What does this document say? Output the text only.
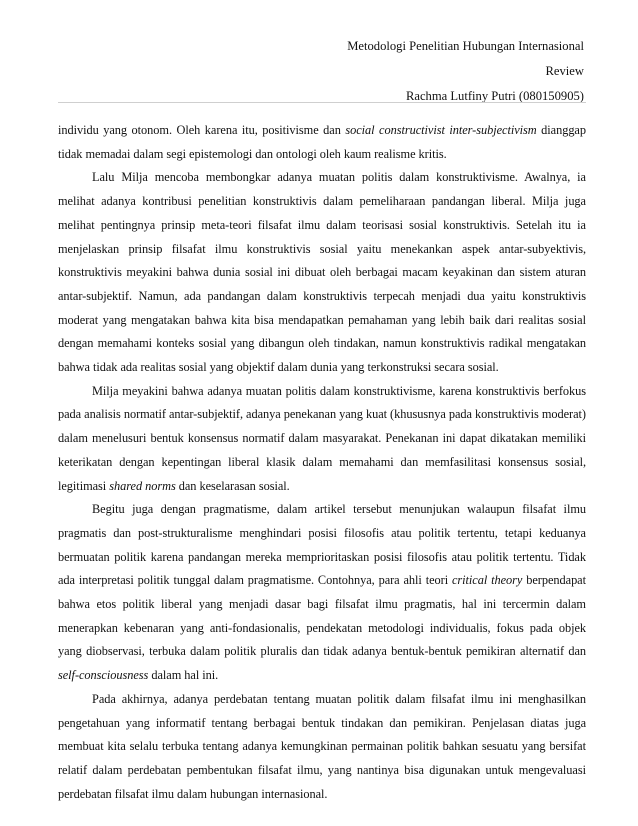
Metodologi Penelitian Hubungan Internasional
Review
Rachma Lutfiny Putri (080150905)

individu yang otonom. Oleh karena itu, positivisme dan social constructivist inter-subjectivism dianggap tidak memadai dalam segi epistemologi dan ontologi oleh kaum realisme kritis.

Lalu Milja mencoba membongkar adanya muatan politis dalam konstruktivisme. Awalnya, ia melihat adanya kontribusi penelitian konstruktivis dalam pemeliharaan pandangan liberal. Milja juga melihat pentingnya prinsip meta-teori filsafat ilmu dalam teorisasi sosial konstruktivis. Setelah itu ia menjelaskan prinsip filsafat ilmu konstruktivis sosial yaitu menekankan aspek antar-subyektivis, konstruktivis meyakini bahwa dunia sosial ini dibuat oleh berbagai macam keyakinan dan sistem aturan antar-subjektif. Namun, ada pandangan dalam konstruktivis terpecah menjadi dua yaitu konstruktivis moderat yang mengatakan bahwa kita bisa mendapatkan pemahaman yang lebih baik dari realitas sosial dengan memahami konteks sosial yang dibangun oleh tindakan, namun konstruktivis radikal mengatakan bahwa tidak ada realitas sosial yang objektif dalam dunia yang terkonstruksi secara sosial.

Milja meyakini bahwa adanya muatan politis dalam konstruktivisme, karena konstruktivis berfokus pada analisis normatif antar-subjektif, adanya penekanan yang kuat (khususnya pada konstruktivis moderat) dalam menelusuri bentuk konsensus normatif dalam masyarakat. Penekanan ini dapat dikatakan memiliki keterikatan dengan kepentingan liberal klasik dalam memahami dan memfasilitasi konsensus sosial, legitimasi shared norms dan keselarasan sosial.

Begitu juga dengan pragmatisme, dalam artikel tersebut menunjukan walaupun filsafat ilmu pragmatis dan post-strukturalisme menghindari posisi filosofis atau politik tertentu, tetapi keduanya bermuatan politik karena pandangan mereka memprioritaskan posisi filosofis atau politik tertentu. Tidak ada interpretasi politik tunggal dalam pragmatisme. Contohnya, para ahli teori critical theory berpendapat bahwa etos politik liberal yang menjadi dasar bagi filsafat ilmu pragmatis, hal ini tercermin dalam menerapkan kebenaran yang anti-fondasionalis, pendekatan metodologi individualis, fokus pada objek yang diobservasi, terbuka dalam politik pluralis dan tidak adanya bentuk-bentuk pemikiran alternatif dan self-consciousness dalam hal ini.

Pada akhirnya, adanya perdebatan tentang muatan politik dalam filsafat ilmu ini menghasilkan pengetahuan yang informatif tentang berbagai bentuk tindakan dan pemikiran. Penjelasan diatas juga membuat kita selalu terbuka tentang adanya kemungkinan permainan politik bahkan sesuatu yang bersifat relatif dalam perdebatan pembentukan filsafat ilmu, yang nantinya bisa digunakan untuk mengevaluasi perdebatan filsafat ilmu dalam hubungan internasional.
